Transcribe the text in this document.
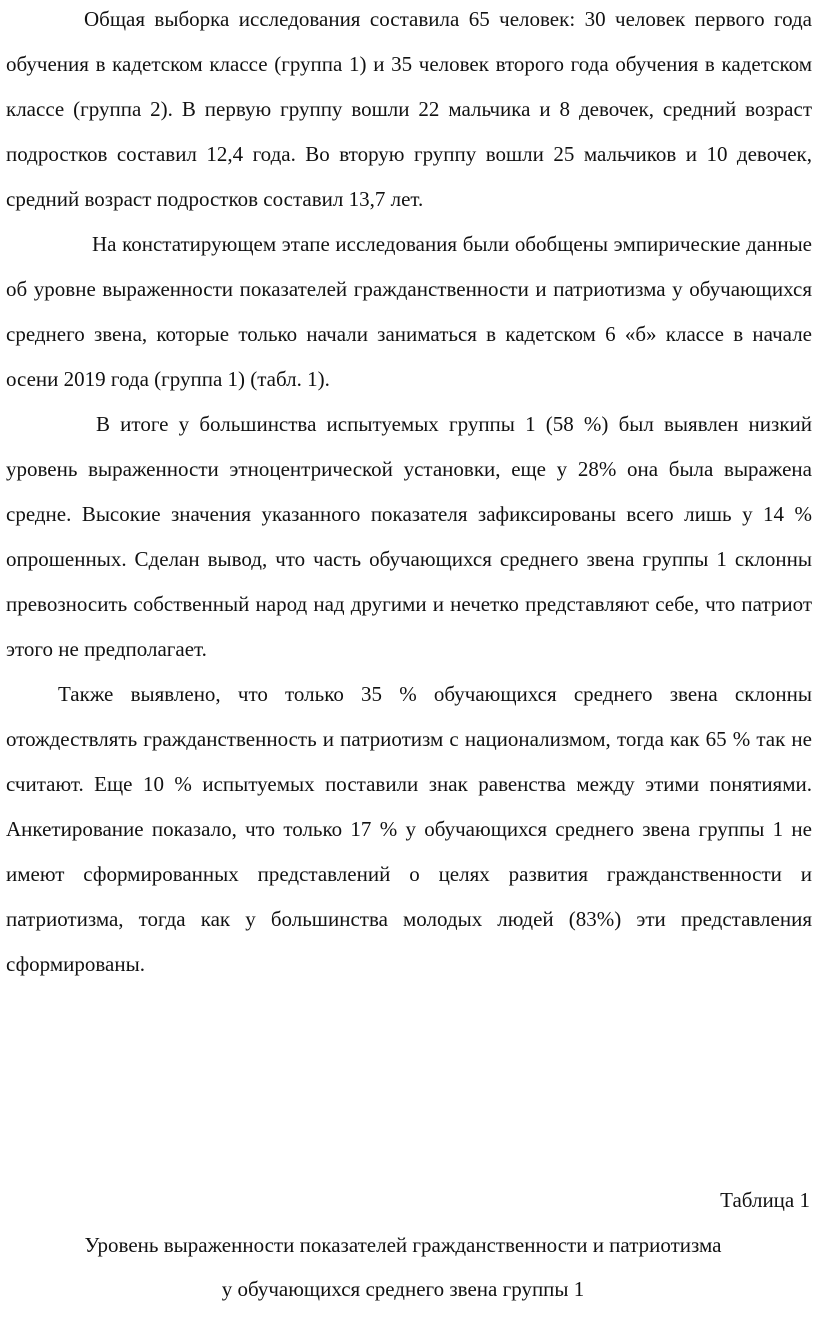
Общая выборка исследования составила 65 человек: 30 человек первого года обучения в кадетском классе (группа 1) и 35 человек второго года обучения в кадетском классе (группа 2). В первую группу вошли 22 мальчика и 8 девочек, средний возраст подростков составил 12,4 года. Во вторую группу вошли 25 мальчиков и 10 девочек, средний возраст подростков составил 13,7 лет.

На констатирующем этапе исследования были обобщены эмпирические данные об уровне выраженности показателей гражданственности и патриотизма у обучающихся среднего звена, которые только начали заниматься в кадетском 6 «б» классе в начале осени 2019 года (группа 1) (табл. 1).

В итоге у большинства испытуемых группы 1 (58 %) был выявлен низкий уровень выраженности этноцентрической установки, еще у 28% она была выражена средне. Высокие значения указанного показателя зафиксированы всего лишь у 14 % опрошенных. Сделан вывод, что часть обучающихся среднего звена группы 1 склонны превозносить собственный народ над другими и нечетко представляют себе, что патриот этого не предполагает.

Также выявлено, что только 35 % обучающихся среднего звена склонны отождествлять гражданственность и патриотизм с национализмом, тогда как 65 % так не считают. Еще 10 % испытуемых поставили знак равенства между этими понятиями. Анкетирование показало, что только 17 % у обучающихся среднего звена группы 1 не имеют сформированных представлений о целях развития гражданственности и патриотизма, тогда как у большинства молодых людей (83%) эти представления сформированы.

Таблица 1

Уровень выраженности показателей гражданственности и патриотизма
у обучающихся среднего звена группы 1
